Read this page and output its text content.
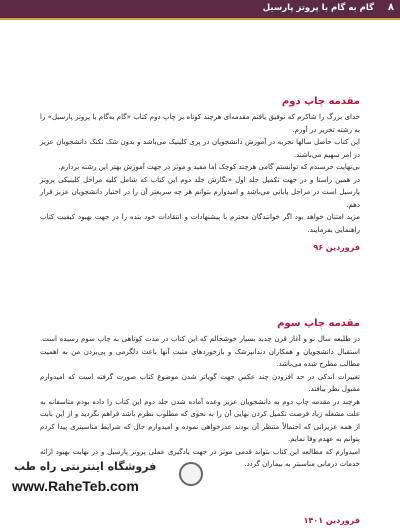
۸
گام به گام با پروتز پارسیل
مقدمه چاپ دوم

خدای بزرگ را شاکرم که توفیق یافتم مقدمه‌ای هرچند کوتاه بر چاپ دوم کتاب «گام به‌گام با پروتز پارسیل» را به رشته تحریر در آورم.

این کتاب حاصل سالها تجربه در آموزش دانشجویان در پری کلینیک می‌باشد و بدون شک تکنک دانشجویان عزیز در امر سهیم می‌باشند.

بی‌نهایت خرسندم که توانستم گامی هرچند کوچک اما مفید و موثر در جهت آموزش بهتر این رشته بردارم.

در همین راستا و در جهت تکمیل جلد اول «نگارش جلد دوم این کتاب که شامل کلیه مراحل کلینیکی پروتز پارسیل است در مراحل پایانی می‌باشد و امیدوارم بتوانم هر چه سریعتر آن را در اختیار دانشجویان عزیز قرار دهم.

مزید امتنان خواهد بود اگر خوانندگان محترم با پیشنهادات و انتقادات خود بنده را در جهت بهبود کیفیت کتاب راهنمایی بفرمایند.

فروردین ۹۶
مقدمه چاپ سوم

در طلیعه سال نو و آغاز قرن جدید بسیار خوشحالم که این کتاب در مدت کوتاهی به چاپ سوم رسیده است. استقبال دانشجویان و همکاران دندانپزشک و بازخوردهای مثبت آنها باعث دلگرمی و پی‌بردن من به اهمیت مطالب مطرح شده می‌باشد.

تغییرات اندکی در حد افزودن چند عکس جهت گویاتر شدن موضوع کتاب صورت گرفته است که امیدوارم مقبول نظر بیافتد.

هرچند در مقدمه چاپ دوم به دانشجویان عزیز وعده آماده شدن جلد دوم این کتاب را داده بودم متاسفانه به علت مشغله زیاد فرصت تکمیل کردن نهایی آن را به نحوی که مطلوب نظرم باشد فراهم نگردید و از این بابت از همه عزیزانی که احتمالاً منتظر آن بودند عذرخواهی نموده و امیدوارم حال که شرایط مناسبتری پیدا کردم بتوانم به عهدم وفا نمایم.

امیدوارم که مطالعه این کتاب بتواند قدمی موثر در جهت یادگیری عملی پروتز پارسیل و در نهایت بهبود ارائه خدمات درمانی مناسبتر به بیماران گردد.

فروردین ۱۴۰۱
فروشگاه اینترنتی راه طب
www.RaheTeb.com
